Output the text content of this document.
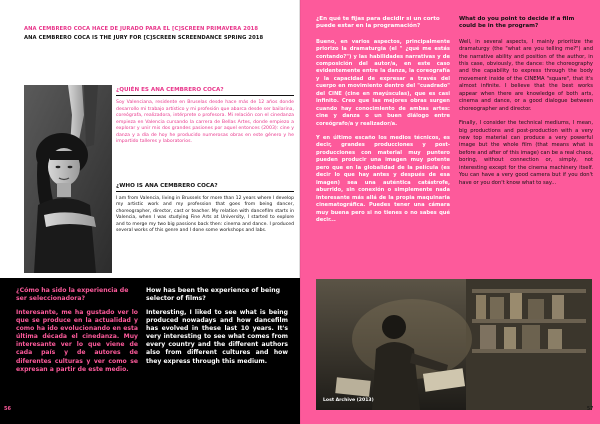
ANA CEMBRERO COCA HACE DE JURADO PARA EL [C]SCREEN PRIMAVERA 2018
ANA CEMBRERO COCA IS THE JURY FOR [C]SCREEN SCREENDANCE SPRING 2018
¿QUIÉN ES ANA CEMBRERO COCA?
Soy Valenciana, residente en Bruselas desde hace más de 12 años donde desarrollo mi trabajo artístico y mi profesión que abarca desde ser bailarina, coreógrafa, realizadora, intérprete o profesora. Mi relación con el cinedanza empieza en Valencia cursando la carrera de Bellas Artes, donde empiezo a explorar y unir mis dos grandes pasiones por aquel entonces (2003): cine y danza y a día de hoy he producido numerosas obras en este género y he impartido talleres y laboratorios.
¿WHO IS ANA CEMBRERO COCA?
I am from Valencia, living in Brussels for more than 12 years where I develop my artistic work and my profession that goes from being dancer, choreographer, director, cast or teacher. My relation with dancefilm starts in Valencia, when I was studying Fine Arts at University, I started to explore and to merge my two big passions back then: cinema and dance. I produced several works of this genre and I done some workshops and labs.
¿Cómo ha sido la experiencia de ser seleccionadora?
Interesante, me ha gustado ver lo que se produce en la actualidad y como ha ido evolucionando en esta última década el cinedanza. Muy interesante ver lo que viene de cada país y de autores de diferentes culturas y ver como se expresan a partir de este medio.
How has been the experience of being selector of films?
Interesting, I liked to see what is being produced nowadays and how dancefilm has evolved in these last 10 years. It's very interesting to see what comes from every country and the different authors also from different cultures and how they express through this medium.
56
¿En qué te fijas para decidir si un corto puede estar en la programación?

Bueno, en varios aspectos, principalmente priorizo la dramaturgia (el " ¿qué me estás contando?") y las habilidades narrativas y de composición del autor/a, en este caso evidentemente entre la danza, la coreografía y la capacidad de expresar a través del cuerpo en movimiento dentro del "cuadrado" del CINE (cine en mayúsculas), que es casi infinito. Creo que las mejores obras surgen cuando hay conocimiento de ambas artes: cine y danza o un buen diálogo entre coreógrafo/a y realizador/a.

Y en último escaño los medios técnicos, es decir, grandes producciones y post-producciones con material muy puntero pueden producir una imagen muy potente pero que en la globalidad de la película (es decir lo que hay antes y después de esa imagen) sea una auténtica catástrofe, aburrido, sin conexión o simplemente nada interesante más allá de la propia maquinaria cinematográfica. Puedes tener una cámara muy buena pero si no tienes o no sabes qué decir...

What do you point to decide if a film could be in the program?

Well, in several aspects, I mainly prioritize the dramaturgy (the "what are you telling me?") and the narrative ability and position of the author, in this case, obviously, the dance: the choreography and the capability to express through the body movement inside of the CINEMA "square", that it's almost infinite. I believe that the best works appear when there are knowledge of both arts, cinema and dance, or a good dialogue between choreographer and director.

Finally, I consider the technical mediums, I mean, big productions and post-production with a very new top material can produce a very powerful image but the whole film (that means what is before and after of this image) can be a real chaos, boring, without connection or, simply, not interesting except for the cinema machinery itself. You can have a very good camera but if you don't have or you don't know what to say...

Lost Archive (2013)
57
